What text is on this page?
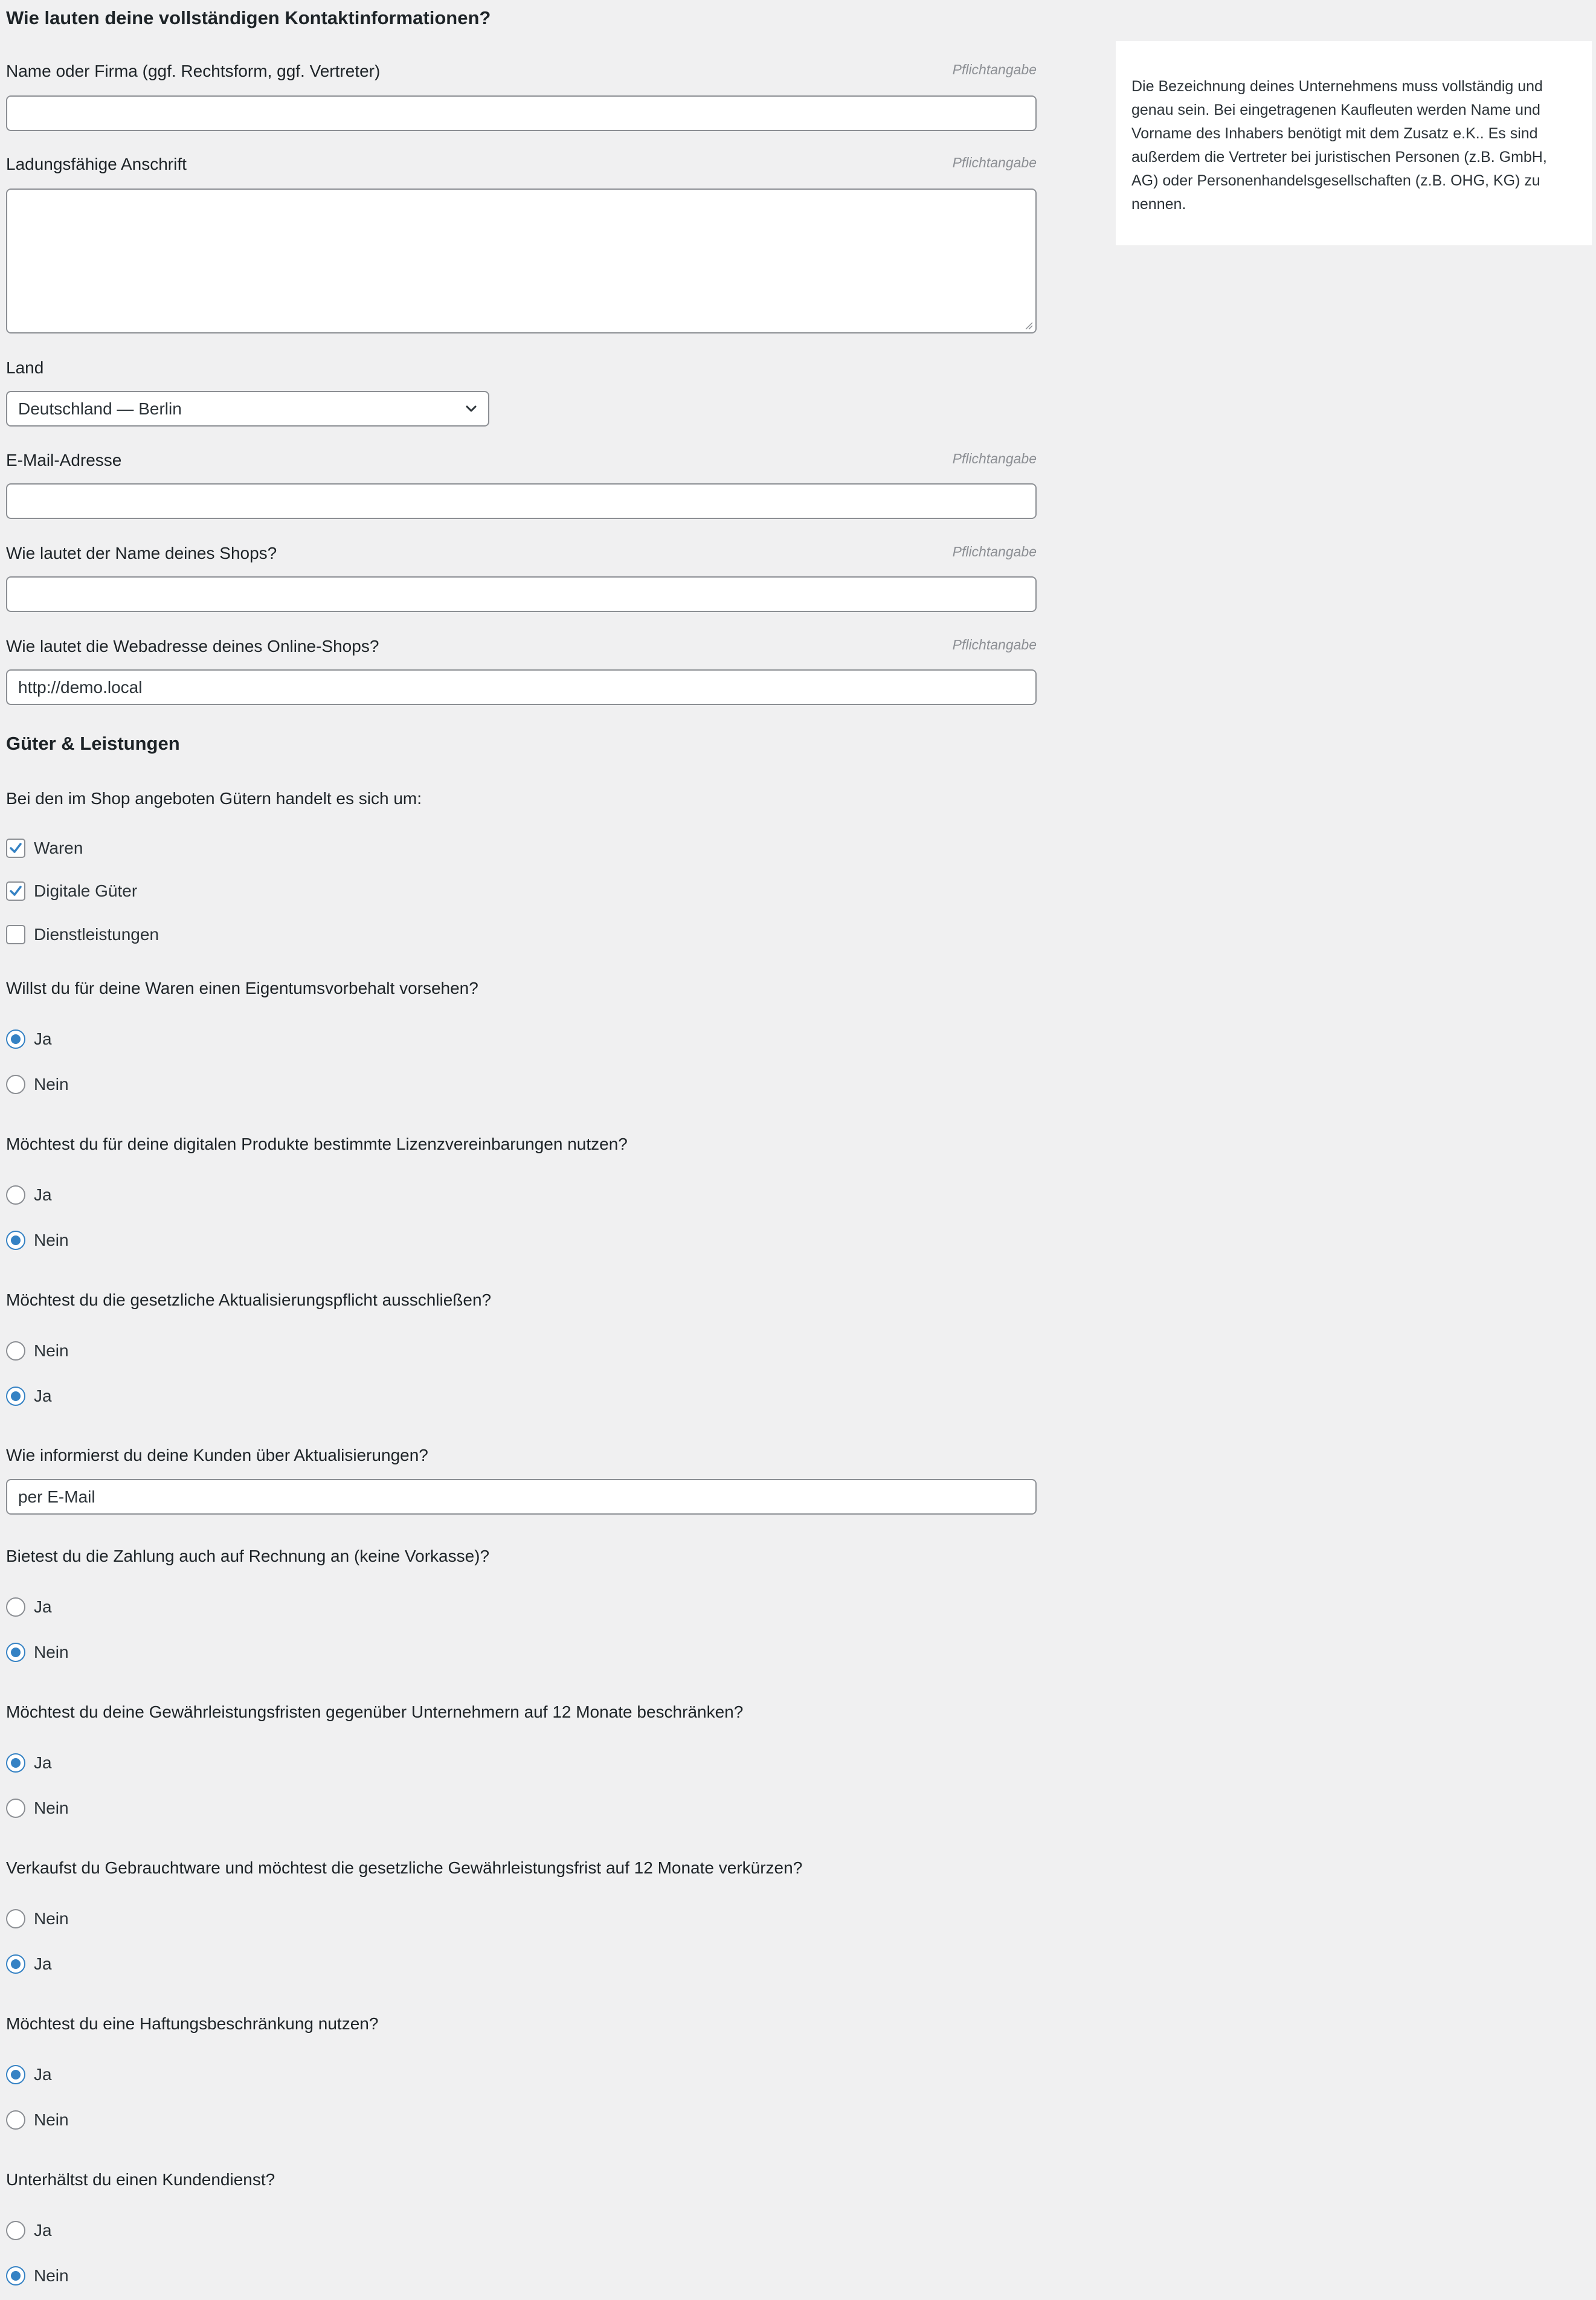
Wie lauten deine vollständigen Kontaktinformationen?
Name oder Firma (ggf. Rechtsform, ggf. Vertreter)	Pflichtangabe
Ladungsfähige Anschrift	Pflichtangabe
Land
Deutschland — Berlin
E-Mail-Adresse	Pflichtangabe
Wie lautet der Name deines Shops?	Pflichtangabe
Wie lautet die Webadresse deines Online-Shops?	Pflichtangabe
http://demo.local
Güter & Leistungen
Bei den im Shop angeboten Gütern handelt es sich um:
Waren
Digitale Güter
Dienstleistungen
Willst du für deine Waren einen Eigentumsvorbehalt vorsehen?
Ja
Nein
Möchtest du für deine digitalen Produkte bestimmte Lizenzvereinbarungen nutzen?
Ja
Nein
Möchtest du die gesetzliche Aktualisierungspflicht ausschließen?
Nein
Ja
Wie informierst du deine Kunden über Aktualisierungen?
per E-Mail
Bietest du die Zahlung auch auf Rechnung an (keine Vorkasse)?
Ja
Nein
Möchtest du deine Gewährleistungsfristen gegenüber Unternehmern auf 12 Monate beschränken?
Ja
Nein
Verkaufst du Gebrauchtware und möchtest die gesetzliche Gewährleistungsfrist auf 12 Monate verkürzen?
Nein
Ja
Möchtest du eine Haftungsbeschränkung nutzen?
Ja
Nein
Unterhältst du einen Kundendienst?
Ja
Nein
Die Bezeichnung deines Unternehmens muss vollständig und genau sein. Bei eingetragenen Kaufleuten werden Name und Vorname des Inhabers benötigt mit dem Zusatz e.K.. Es sind außerdem die Vertreter bei juristischen Personen (z.B. GmbH, AG) oder Personenhandelsgesellschaften (z.B. OHG, KG) zu nennen.
